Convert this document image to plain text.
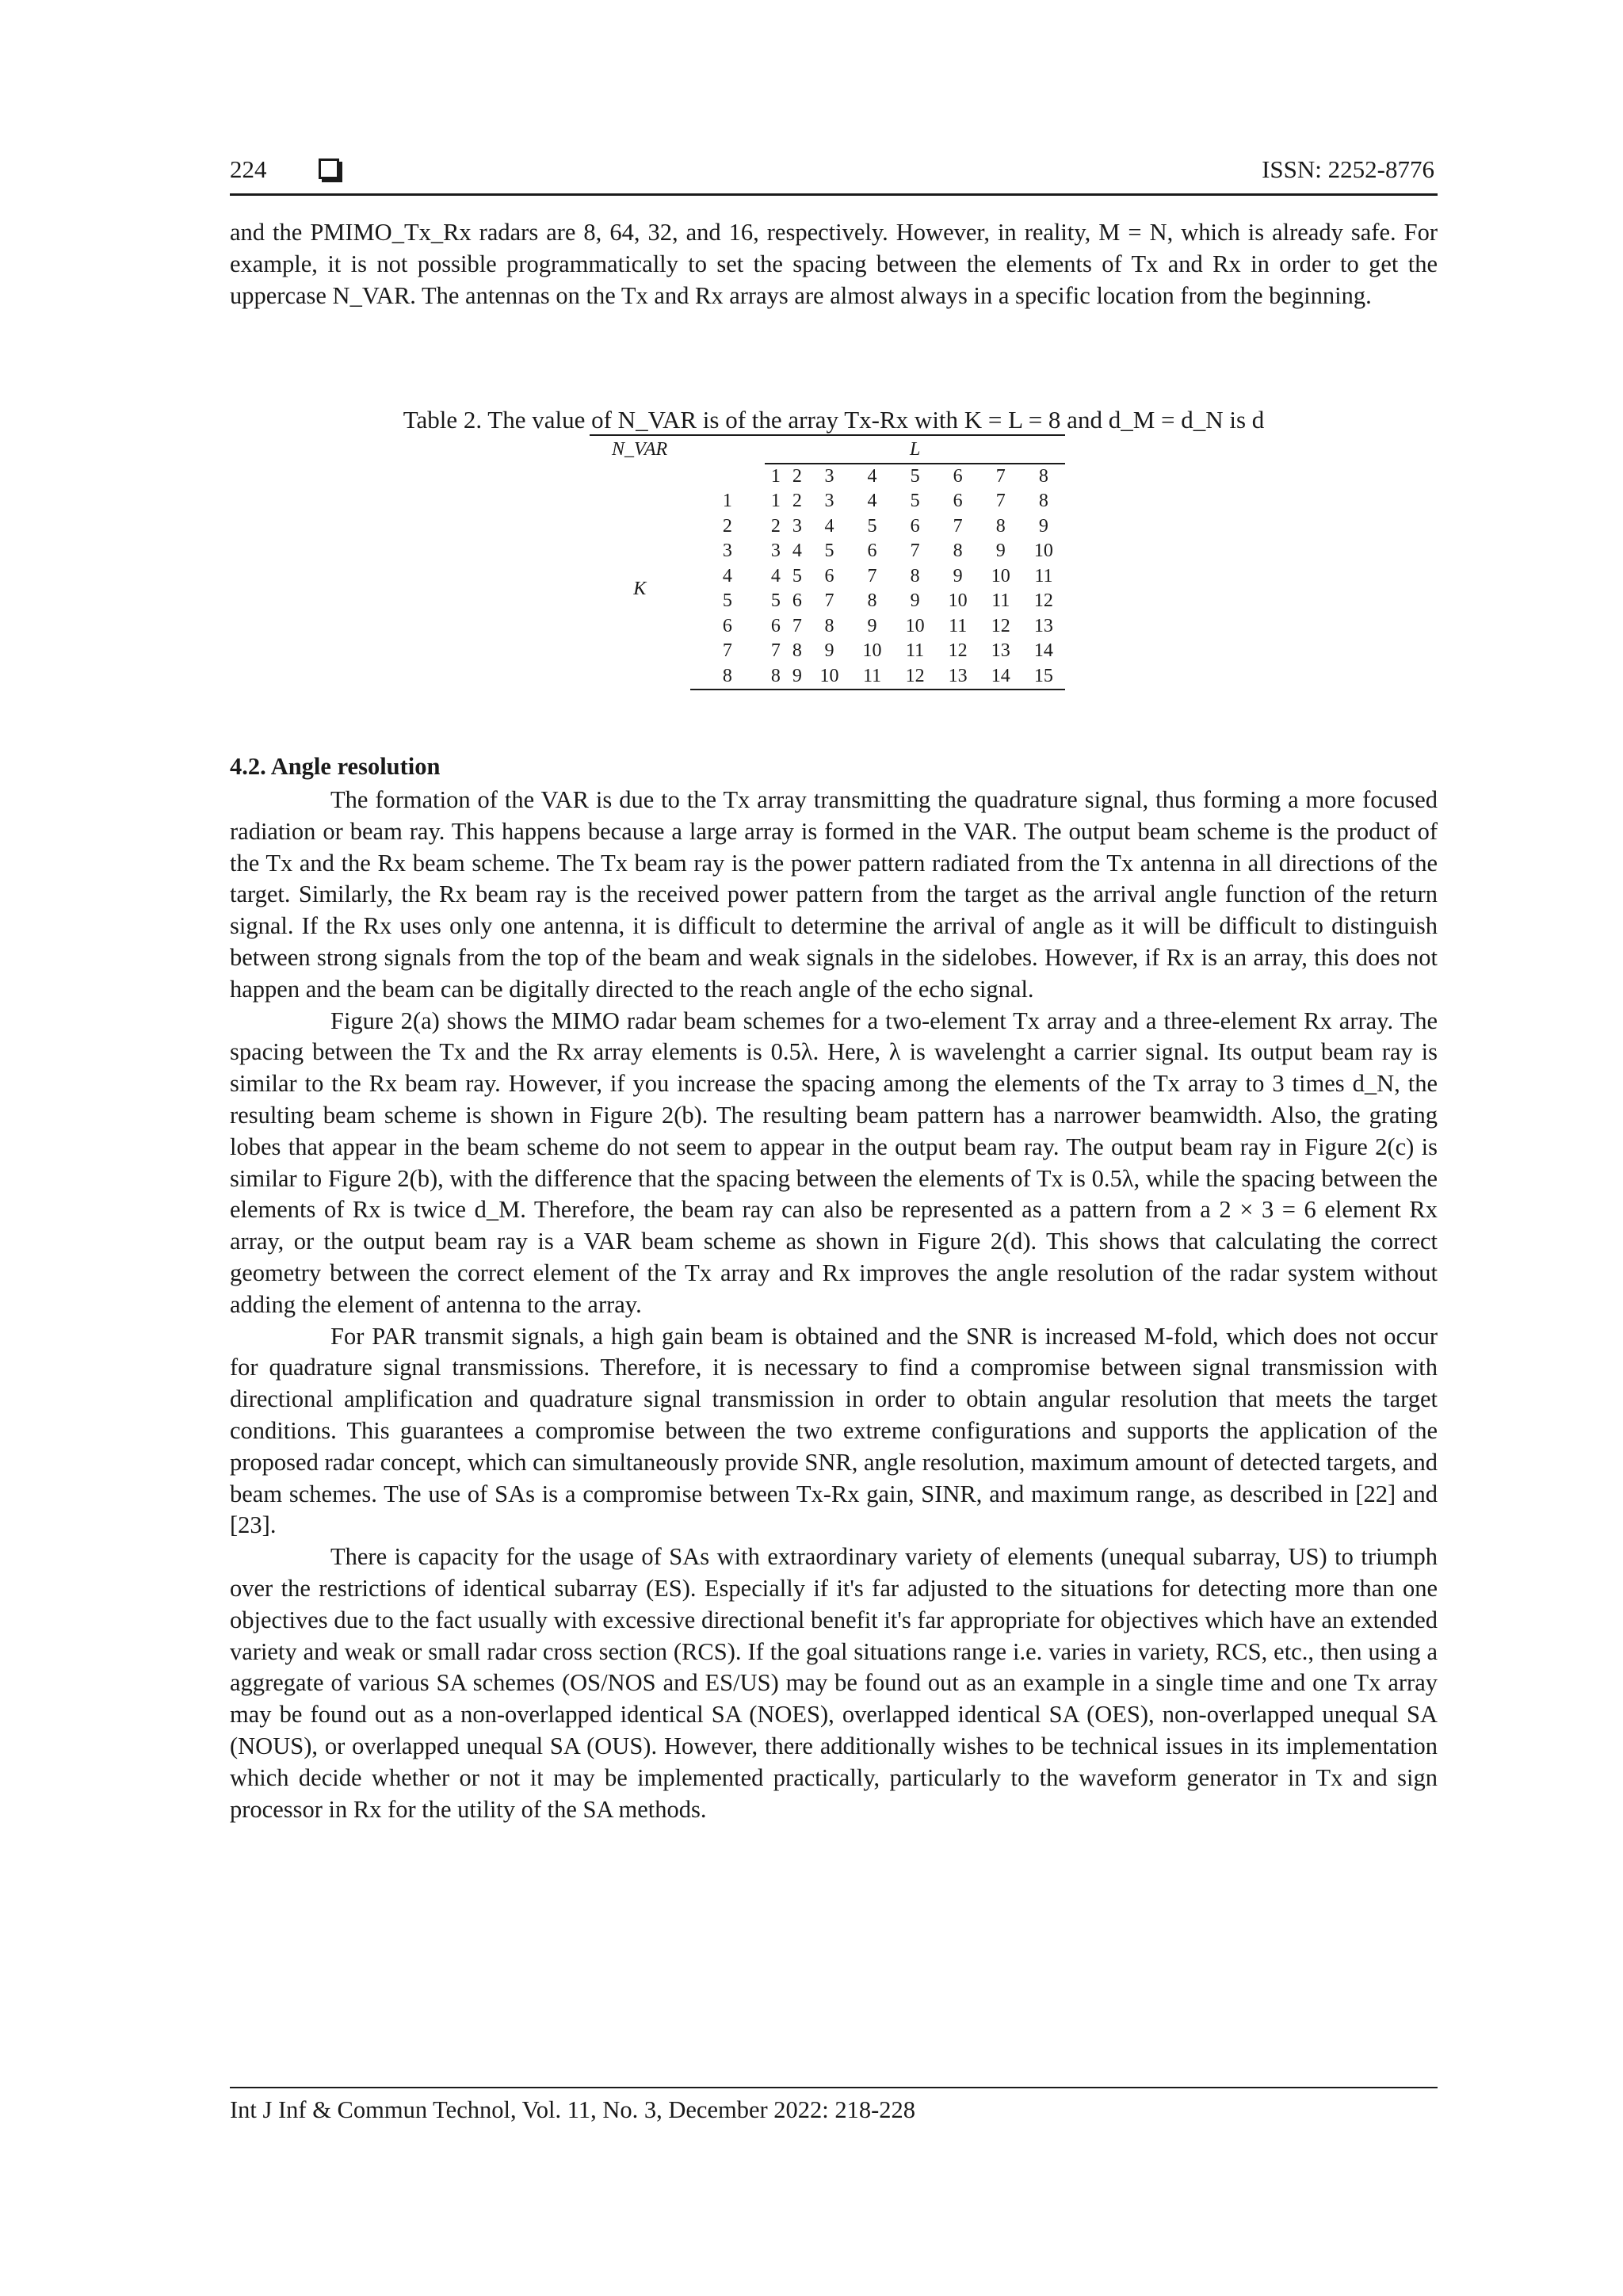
224	ISSN: 2252-8776
and the PMIMO_Tx_Rx radars are 8, 64, 32, and 16, respectively. However, in reality, M = N, which is already safe. For example, it is not possible programmatically to set the spacing between the elements of Tx and Rx in order to get the uppercase N_VAR. The antennas on the Tx and Rx arrays are almost always in a specific location from the beginning.
Table 2. The value of N_VAR is of the array Tx-Rx with K = L = 8 and d_M = d_N is d
N_VAR		L							
		1	2	3	4	5	6	7	8
K	1	1	2	3	4	5	6	7	8
	2	2	3	4	5	6	7	8	9
	3	3	4	5	6	7	8	9	10
	4	4	5	6	7	8	9	10	11
	5	5	6	7	8	9	10	11	12
	6	6	7	8	9	10	11	12	13
	7	7	8	9	10	11	12	13	14
	8	8	9	10	11	12	13	14	15
4.2. Angle resolution

The formation of the VAR is due to the Tx array transmitting the quadrature signal, thus forming a more focused radiation or beam ray. This happens because a large array is formed in the VAR. The output beam scheme is the product of the Tx and the Rx beam scheme. The Tx beam ray is the power pattern radiated from the Tx antenna in all directions of the target. Similarly, the Rx beam ray is the received power pattern from the target as the arrival angle function of the return signal. If the Rx uses only one antenna, it is difficult to determine the arrival of angle as it will be difficult to distinguish between strong signals from the top of the beam and weak signals in the sidelobes. However, if Rx is an array, this does not happen and the beam can be digitally directed to the reach angle of the echo signal.

Figure 2(a) shows the MIMO radar beam schemes for a two-element Tx array and a three-element Rx array. The spacing between the Tx and the Rx array elements is 0.5λ. Here, λ is wavelenght a carrier signal. Its output beam ray is similar to the Rx beam ray. However, if you increase the spacing among the elements of the Tx array to 3 times d_N, the resulting beam scheme is shown in Figure 2(b). The resulting beam pattern has a narrower beamwidth. Also, the grating lobes that appear in the beam scheme do not seem to appear in the output beam ray. The output beam ray in Figure 2(c) is similar to Figure 2(b), with the difference that the spacing between the elements of Tx is 0.5λ, while the spacing between the elements of Rx is twice d_M. Therefore, the beam ray can also be represented as a pattern from a 2 × 3 = 6 element Rx array, or the output beam ray is a VAR beam scheme as shown in Figure 2(d). This shows that calculating the correct geometry between the correct element of the Tx array and Rx improves the angle resolution of the radar system without adding the element of antenna to the array.

For PAR transmit signals, a high gain beam is obtained and the SNR is increased M-fold, which does not occur for quadrature signal transmissions. Therefore, it is necessary to find a compromise between signal transmission with directional amplification and quadrature signal transmission in order to obtain angular resolution that meets the target conditions. This guarantees a compromise between the two extreme configurations and supports the application of the proposed radar concept, which can simultaneously provide SNR, angle resolution, maximum amount of detected targets, and beam schemes. The use of SAs is a compromise between Tx-Rx gain, SINR, and maximum range, as described in [22] and [23].

There is capacity for the usage of SAs with extraordinary variety of elements (unequal subarray, US) to triumph over the restrictions of identical subarray (ES). Especially if it's far adjusted to the situations for detecting more than one objectives due to the fact usually with excessive directional benefit it's far appropriate for objectives which have an extended variety and weak or small radar cross section (RCS). If the goal situations range i.e. varies in variety, RCS, etc., then using a aggregate of various SA schemes (OS/NOS and ES/US) may be found out as an example in a single time and one Tx array may be found out as a non-overlapped identical SA (NOES), overlapped identical SA (OES), non-overlapped unequal SA (NOUS), or overlapped unequal SA (OUS). However, there additionally wishes to be technical issues in its implementation which decide whether or not it may be implemented practically, particularly to the waveform generator in Tx and sign processor in Rx for the utility of the SA methods.

Int J Inf & Commun Technol, Vol. 11, No. 3, December 2022: 218-228
